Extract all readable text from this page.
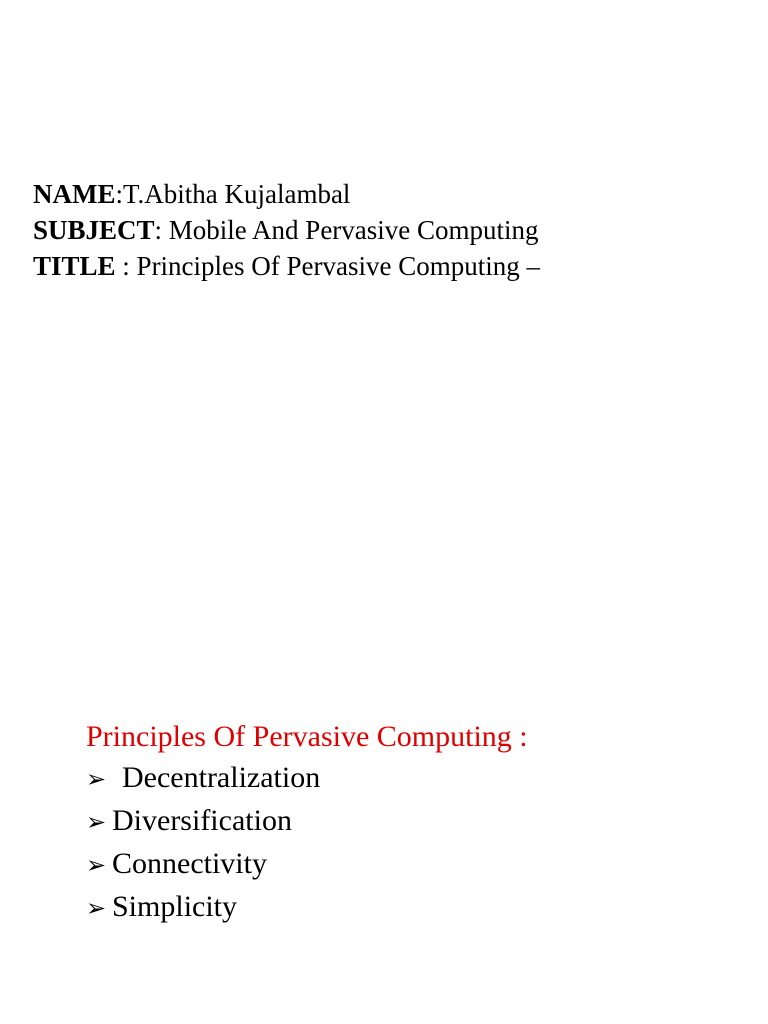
NAME:T.Abitha Kujalambal
SUBJECT: Mobile And Pervasive Computing
TITLE : Principles Of Pervasive Computing –
Principles Of Pervasive Computing :
➢ Decentralization
➢ Diversification
➢ Connectivity
➢ Simplicity
